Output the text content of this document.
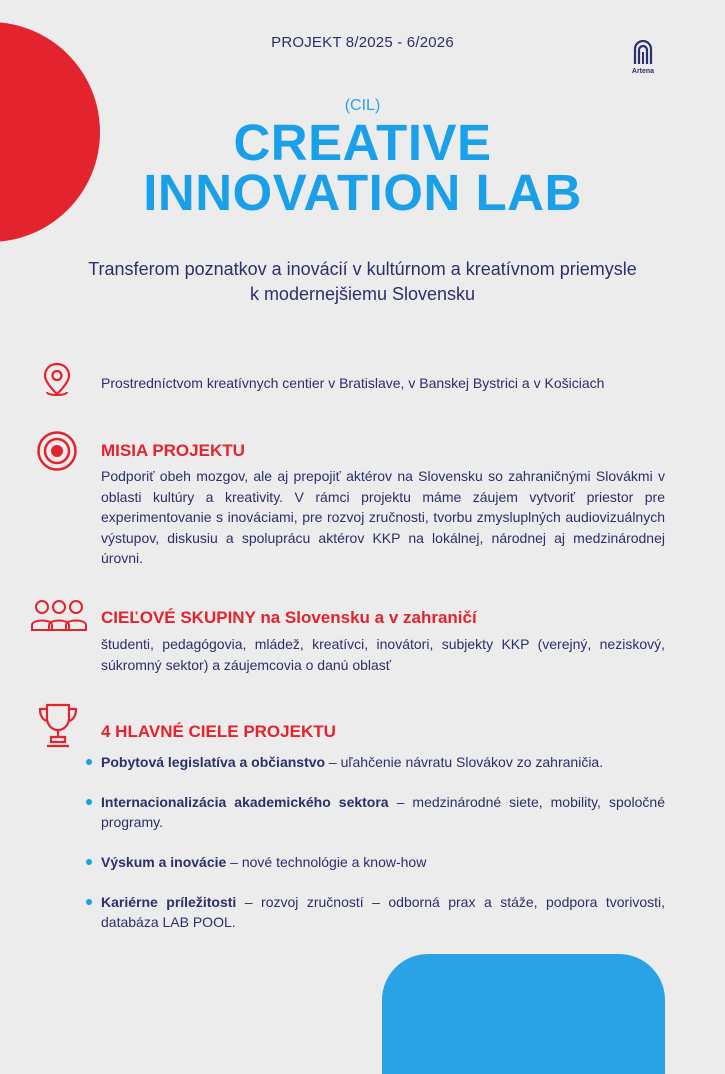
PROJEKT 8/2025 - 6/2026
Artena
(CIL)
CREATIVE
INNOVATION LAB
Transferom poznatkov a inovácií v kultúrnom a kreatívnom priemysle
k modernejšiemu Slovensku
Prostredníctvom kreatívnych centier v Bratislave, v Banskej Bystrici a v Košiciach
MISIA PROJEKTU
Podporiť obeh mozgov, ale aj prepojiť aktérov na Slovensku so zahraničnými Slovákmi v oblasti kultúry a kreativity. V rámci projektu máme záujem vytvoriť priestor pre experimentovanie s inováciami, pre rozvoj zručnosti, tvorbu zmysluplných audiovizuálnych výstupov, diskusiu a spoluprácu aktérov KKP na lokálnej, národnej aj medzinárodnej úrovni.
CIEĽOVÉ SKUPINY na Slovensku a v zahraničí
študenti, pedagógovia, mládež, kreatívci, inovátori, subjekty KKP (verejný, neziskový, súkromný sektor) a záujemcovia o danú oblasť
4 HLAVNÉ CIELE PROJEKTU
Pobytová legislatíva a občianstvo – uľahčenie návratu Slovákov zo zahraničia.
Internacionalizácia akademického sektora – medzinárodné siete, mobility, spoločné programy.
Výskum a inovácie – nové technológie a know-how
Kariérne príležitosti – rozvoj zručností – odborná prax a stáže, podpora tvorivosti, databáza LAB POOL.
